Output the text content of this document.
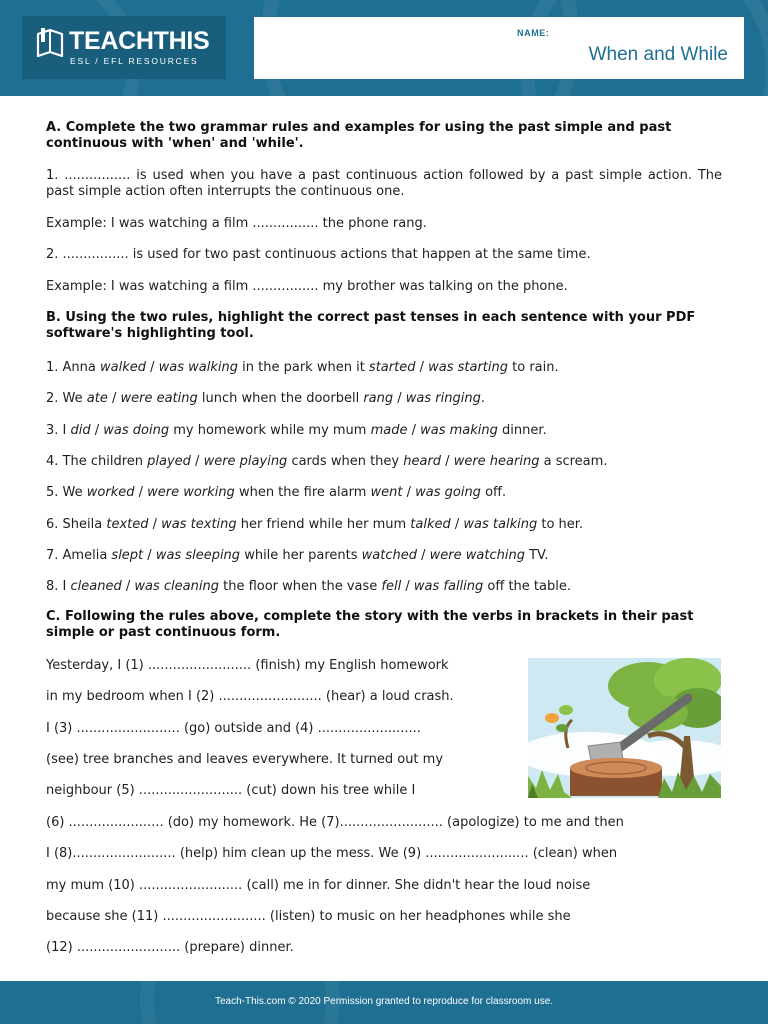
TEACHTHIS
ESL / EFL RESOURCES
NAME:
When and While
A. Complete the two grammar rules and examples for using the past simple and past continuous with 'when' and 'while'.
1. ................ is used when you have a past continuous action followed by a past simple action. The past simple action often interrupts the continuous one.
Example: I was watching a film ................ the phone rang.
2. ................ is used for two past continuous actions that happen at the same time.
Example: I was watching a film ................ my brother was talking on the phone.
B. Using the two rules, highlight the correct past tenses in each sentence with your PDF software's highlighting tool.
1. Anna walked / was walking in the park when it started / was starting to rain.
2. We ate / were eating lunch when the doorbell rang / was ringing.
3. I did / was doing my homework while my mum made / was making dinner.
4. The children played / were playing cards when they heard / were hearing a scream.
5. We worked / were working when the fire alarm went / was going off.
6. Sheila texted / was texting her friend while her mum talked / was talking to her.
7. Amelia slept / was sleeping while her parents watched / were watching TV.
8. I cleaned / was cleaning the floor when the vase fell / was falling off the table.
C. Following the rules above, complete the story with the verbs in brackets in their past simple or past continuous form.
Yesterday, I (1) ......................... (finish) my English homework
in my bedroom when I (2) ......................... (hear) a loud crash.
I (3) ......................... (go) outside and (4) .........................
(see) tree branches and leaves everywhere. It turned out my
neighbour (5) ......................... (cut) down his tree while I
(6) ....................... (do) my homework. He (7)......................... (apologize) to me and then
I (8)......................... (help) him clean up the mess. We (9) ......................... (clean) when
my mum (10) ......................... (call) me in for dinner. She didn't hear the loud noise
because she (11) ......................... (listen) to music on her headphones while she
(12) ......................... (prepare) dinner.
Teach-This.com © 2020 Permission granted to reproduce for classroom use.
